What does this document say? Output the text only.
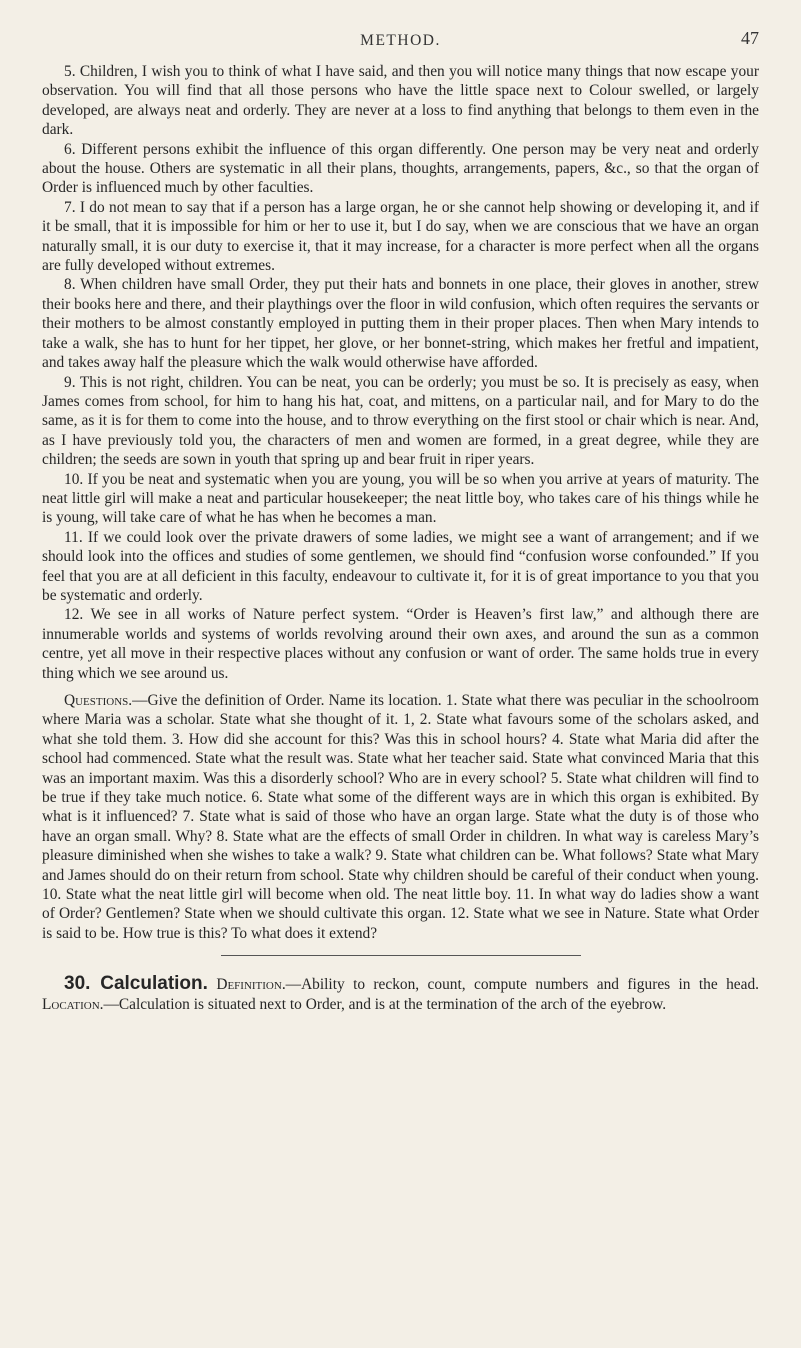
METHOD.	47

5. Children, I wish you to think of what I have said, and then you will notice many things that now escape your observation. You will find that all those persons who have the little space next to Colour swelled, or largely developed, are always neat and orderly. They are never at a loss to find anything that belongs to them even in the dark.

6. Different persons exhibit the influence of this organ differently. One person may be very neat and orderly about the house. Others are systematic in all their plans, thoughts, arrangements, papers, &c., so that the organ of Order is influenced much by other faculties.

7. I do not mean to say that if a person has a large organ, he or she cannot help showing or developing it, and if it be small, that it is impossible for him or her to use it, but I do say, when we are conscious that we have an organ naturally small, it is our duty to exercise it, that it may increase, for a character is more perfect when all the organs are fully developed without extremes.

8. When children have small Order, they put their hats and bonnets in one place, their gloves in another, strew their books here and there, and their playthings over the floor in wild confusion, which often requires the servants or their mothers to be almost constantly employed in putting them in their proper places. Then when Mary intends to take a walk, she has to hunt for her tippet, her glove, or her bonnet-string, which makes her fretful and impatient, and takes away half the pleasure which the walk would otherwise have afforded.

9. This is not right, children. You can be neat, you can be orderly; you must be so. It is precisely as easy, when James comes from school, for him to hang his hat, coat, and mittens, on a particular nail, and for Mary to do the same, as it is for them to come into the house, and to throw everything on the first stool or chair which is near. And, as I have previously told you, the characters of men and women are formed, in a great degree, while they are children; the seeds are sown in youth that spring up and bear fruit in riper years.

10. If you be neat and systematic when you are young, you will be so when you arrive at years of maturity. The neat little girl will make a neat and particular housekeeper; the neat little boy, who takes care of his things while he is young, will take care of what he has when he becomes a man.

11. If we could look over the private drawers of some ladies, we might see a want of arrangement; and if we should look into the offices and studies of some gentlemen, we should find “confusion worse confounded.” If you feel that you are at all deficient in this faculty, endeavour to cultivate it, for it is of great importance to you that you be systematic and orderly.

12. We see in all works of Nature perfect system. “Order is Heaven’s first law,” and although there are innumerable worlds and systems of worlds revolving around their own axes, and around the sun as a common centre, yet all move in their respective places without any confusion or want of order. The same holds true in every thing which we see around us.

Questions.—Give the definition of Order. Name its location. 1. State what there was peculiar in the schoolroom where Maria was a scholar. State what she thought of it. 1, 2. State what favours some of the scholars asked, and what she told them. 3. How did she account for this? Was this in school hours? 4. State what Maria did after the school had commenced. State what the result was. State what her teacher said. State what convinced Maria that this was an important maxim. Was this a disorderly school? Who are in every school? 5. State what children will find to be true if they take much notice. 6. State what some of the different ways are in which this organ is exhibited. By what is it influenced? 7. State what is said of those who have an organ large. State what the duty is of those who have an organ small. Why? 8. State what are the effects of small Order in children. In what way is careless Mary’s pleasure diminished when she wishes to take a walk? 9. State what children can be. What follows? State what Mary and James should do on their return from school. State why children should be careful of their conduct when young. 10. State what the neat little girl will become when old. The neat little boy. 11. In what way do ladies show a want of Order? Gentlemen? State when we should cultivate this organ. 12. State what we see in Nature. State what Order is said to be. How true is this? To what does it extend?

30. Calculation. Definition.—Ability to reckon, count, compute numbers and figures in the head. Location.—Calculation is situated next to Order, and is at the termination of the arch of the eyebrow.
